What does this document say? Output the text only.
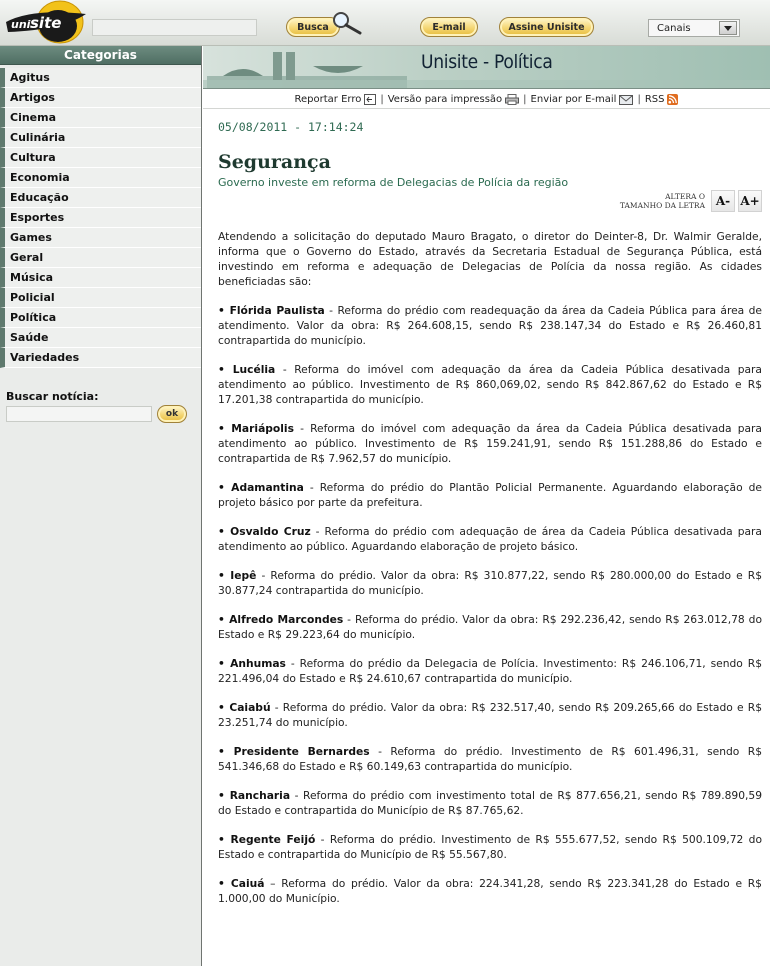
uni site	Busca	E-mail	Assine Unisite	Canais
Categorias
Agitus
Artigos
Cinema
Culinária
Cultura
Economia
Educação
Esportes
Games
Geral
Música
Policial
Política
Saúde
Variedades
Buscar notícia:
ok
Unisite - Política
Reportar Erro | Versão para impressão | Enviar por E-mail | RSS
05/08/2011 - 17:14:24
Segurança
Governo investe em reforma de Delegacias de Polícia da região
ALTERA O
TAMANHO DA LETRA A- A+

Atendendo a solicitação do deputado Mauro Bragato, o diretor do Deinter-8, Dr. Walmir Geralde, informa que o Governo do Estado, através da Secretaria Estadual de Segurança Pública, está investindo em reforma e adequação de Delegacias de Polícia da nossa região. As cidades beneficiadas são:

• Flórida Paulista - Reforma do prédio com readequação da área da Cadeia Pública para área de atendimento. Valor da obra: R$ 264.608,15, sendo R$ 238.147,34 do Estado e R$ 26.460,81 contrapartida do município.

• Lucélia - Reforma do imóvel com adequação da área da Cadeia Pública desativada para atendimento ao público. Investimento de R$ 860,069,02, sendo R$ 842.867,62 do Estado e R$ 17.201,38 contrapartida do município.

• Mariápolis - Reforma do imóvel com adequação da área da Cadeia Pública desativada para atendimento ao público. Investimento de R$ 159.241,91, sendo R$ 151.288,86 do Estado e contrapartida de R$ 7.962,57 do município.

• Adamantina - Reforma do prédio do Plantão Policial Permanente. Aguardando elaboração de projeto básico por parte da prefeitura.

• Osvaldo Cruz - Reforma do prédio com adequação de área da Cadeia Pública desativada para atendimento ao público. Aguardando elaboração de projeto básico.

• Iepê - Reforma do prédio. Valor da obra: R$ 310.877,22, sendo R$ 280.000,00 do Estado e R$ 30.877,24 contrapartida do município.

• Alfredo Marcondes - Reforma do prédio. Valor da obra: R$ 292.236,42, sendo R$ 263.012,78 do Estado e R$ 29.223,64 do município.

• Anhumas - Reforma do prédio da Delegacia de Polícia. Investimento: R$ 246.106,71, sendo R$ 221.496,04 do Estado e R$ 24.610,67 contrapartida do município.

• Caiabú - Reforma do prédio. Valor da obra: R$ 232.517,40, sendo R$ 209.265,66 do Estado e R$ 23.251,74 do município.

• Presidente Bernardes - Reforma do prédio. Investimento de R$ 601.496,31, sendo R$ 541.346,68 do Estado e R$ 60.149,63 contrapartida do município.

• Rancharia - Reforma do prédio com investimento total de R$ 877.656,21, sendo R$ 789.890,59 do Estado e contrapartida do Município de R$ 87.765,62.

• Regente Feijó - Reforma do prédio. Investimento de R$ 555.677,52, sendo R$ 500.109,72 do Estado e contrapartida do Município de R$ 55.567,80.

• Caiuá – Reforma do prédio. Valor da obra: 224.341,28, sendo R$ 223.341,28 do Estado e R$ 1.000,00 do Município.
